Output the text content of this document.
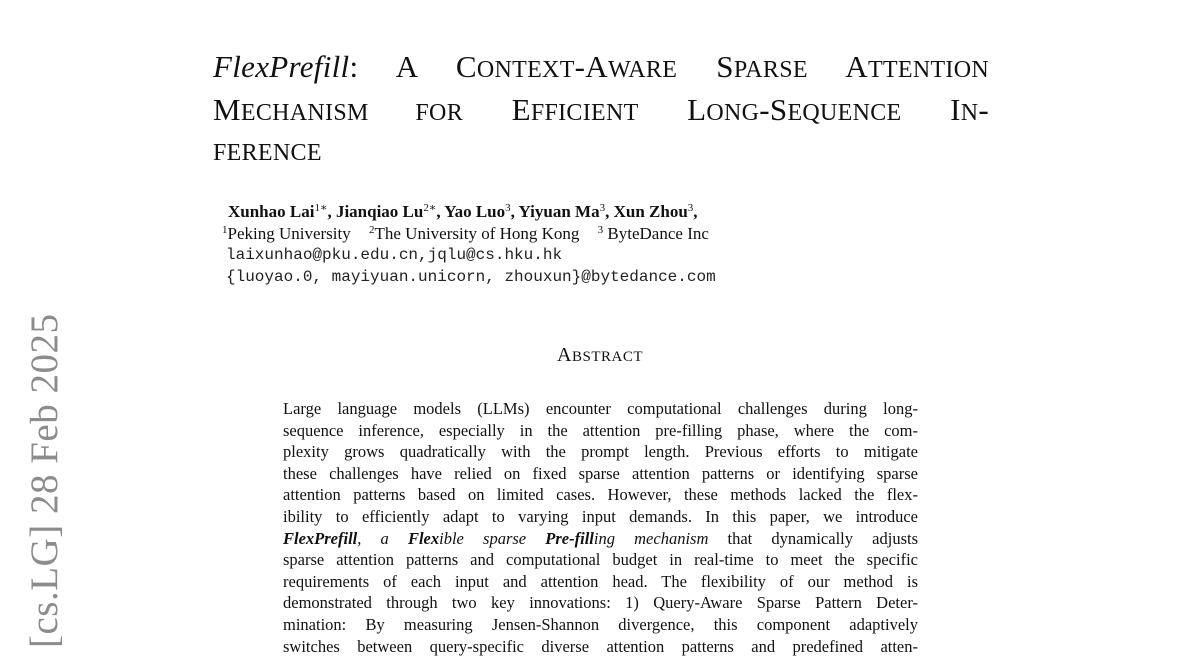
[cs.LG] 28 Feb 2025
FlexPrefill: A CONTEXT-AWARE SPARSE ATTENTION
MECHANISM FOR EFFICIENT LONG-SEQUENCE IN-
FERENCE
Xunhao Lai$^{1∗}$, Jianqiao $Lu^{2∗}$, Yao Luo$^3$, Yiyuan Ma$^3$, Xun Zhou$^3$,
$^1$Peking University $^2$The University of Hong Kong $^3$ ByteDance Inc
laixunhao@pku.edu.cn,jqlu@cs.hku.hk
{luoyao.0, mayiyuan.unicorn, zhouxun}@bytedance.com
ABSTRACT
Large language models (LLMs) encounter computational challenges during long-
sequence inference, especially in the attention pre-filling phase, where the com-
plexity grows quadratically with the prompt length. Previous efforts to mitigate
these challenges have relied on fixed sparse attention patterns or identifying sparse
attention patterns based on limited cases. However, these methods lacked the flex-
ibility to efficiently adapt to varying input demands. In this paper, we introduce
FlexPrefill, a Flexible sparse Pre-filling mechanism that dynamically adjusts
sparse attention patterns and computational budget in real-time to meet the specific
requirements of each input and attention head. The flexibility of our method is
demonstrated through two key innovations: 1) Query-Aware Sparse Pattern Deter-
mination: By measuring Jensen-Shannon divergence, this component adaptively
switches between query-specific diverse attention patterns and predefined atten-
